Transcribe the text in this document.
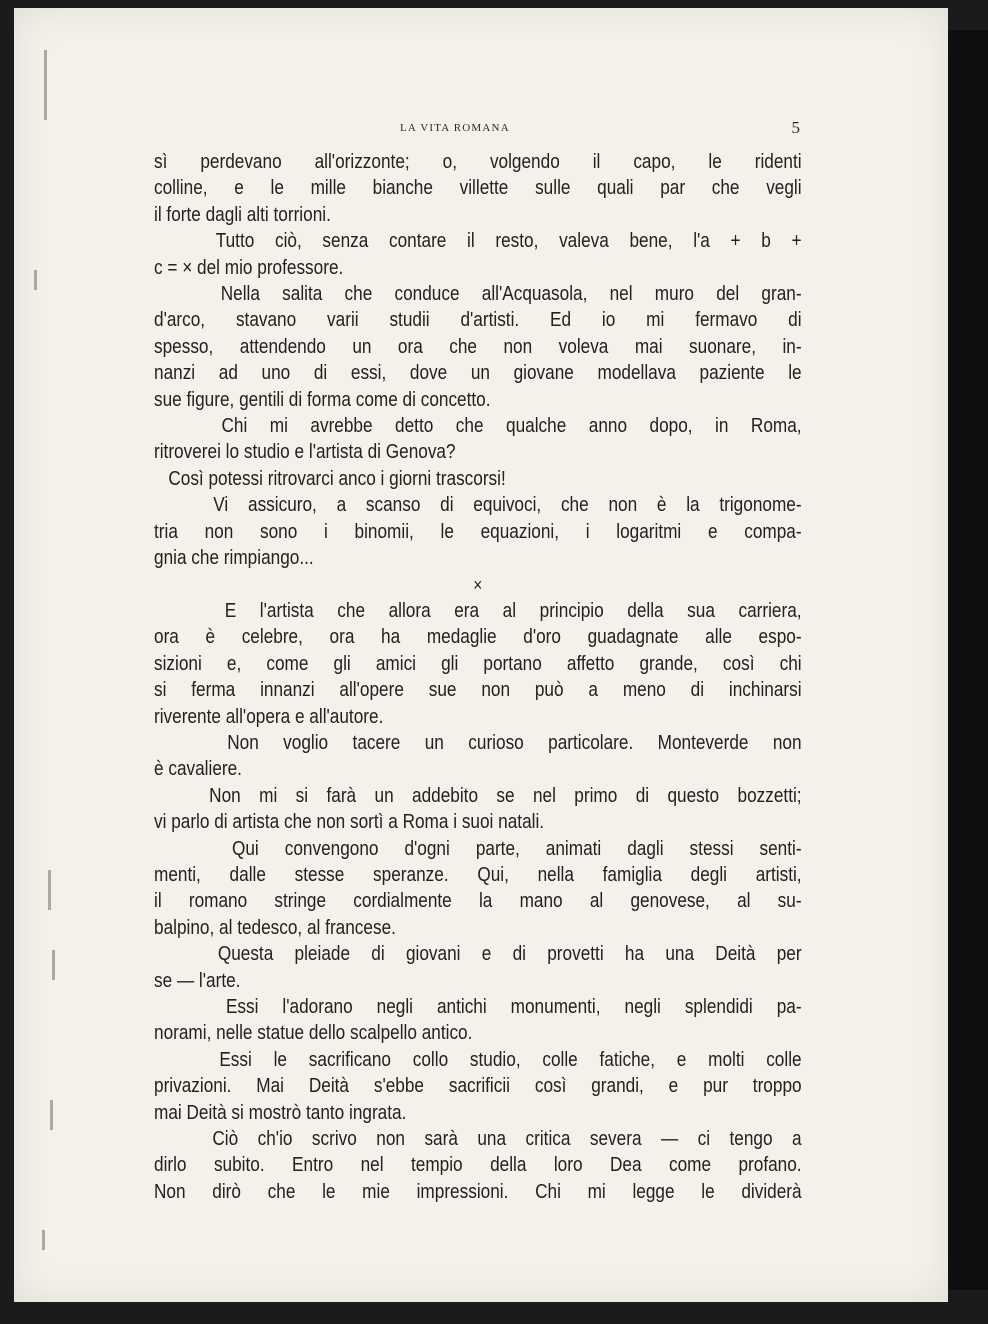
LA VITA ROMANA	5
sì perdevano all'orizzonte; o, volgendo il capo, le ridenti
colline, e le mille bianche villette sulle quali par che vegli
il forte dagli alti torrioni.
Tutto ciò, senza contare il resto, valeva bene, l'a + b +
c = × del mio professore.
Nella salita che conduce all'Acquasola, nel muro del gran-
d'arco, stavano varii studii d'artisti. Ed io mi fermavo di
spesso, attendendo un ora che non voleva mai suonare, in-
nanzi ad uno di essi, dove un giovane modellava paziente le
sue figure, gentili di forma come di concetto.
Chi mi avrebbe detto che qualche anno dopo, in Roma,
ritroverei lo studio e l'artista di Genova?
Così potessi ritrovarci anco i giorni trascorsi!
Vi assicuro, a scanso di equivoci, che non è la trigonome-
tria non sono i binomii, le equazioni, i logaritmi e compa-
gnia che rimpiango...
×
E l'artista che allora era al principio della sua carriera,
ora è celebre, ora ha medaglie d'oro guadagnate alle espo-
sizioni e, come gli amici gli portano affetto grande, così chi
si ferma innanzi all'opere sue non può a meno di inchinarsi
riverente all'opera e all'autore.
Non voglio tacere un curioso particolare. Monteverde non
è cavaliere.
Non mi si farà un addebito se nel primo di questo bozzetti;
vi parlo di artista che non sortì a Roma i suoi natali.
Qui convengono d'ogni parte, animati dagli stessi senti-
menti, dalle stesse speranze. Qui, nella famiglia degli artisti,
il romano stringe cordialmente la mano al genovese, al su-
balpino, al tedesco, al francese.
Questa pleiade di giovani e di provetti ha una Deità per
se — l'arte.
Essi l'adorano negli antichi monumenti, negli splendidi pa-
norami, nelle statue dello scalpello antico.
Essi le sacrificano collo studio, colle fatiche, e molti colle
privazioni. Mai Deità s'ebbe sacrificii così grandi, e pur troppo
mai Deità si mostrò tanto ingrata.
Ciò ch'io scrivo non sarà una critica severa — ci tengo a
dirlo subito. Entro nel tempio della loro Dea come profano.
Non dirò che le mie impressioni. Chi mi legge le dividerà
